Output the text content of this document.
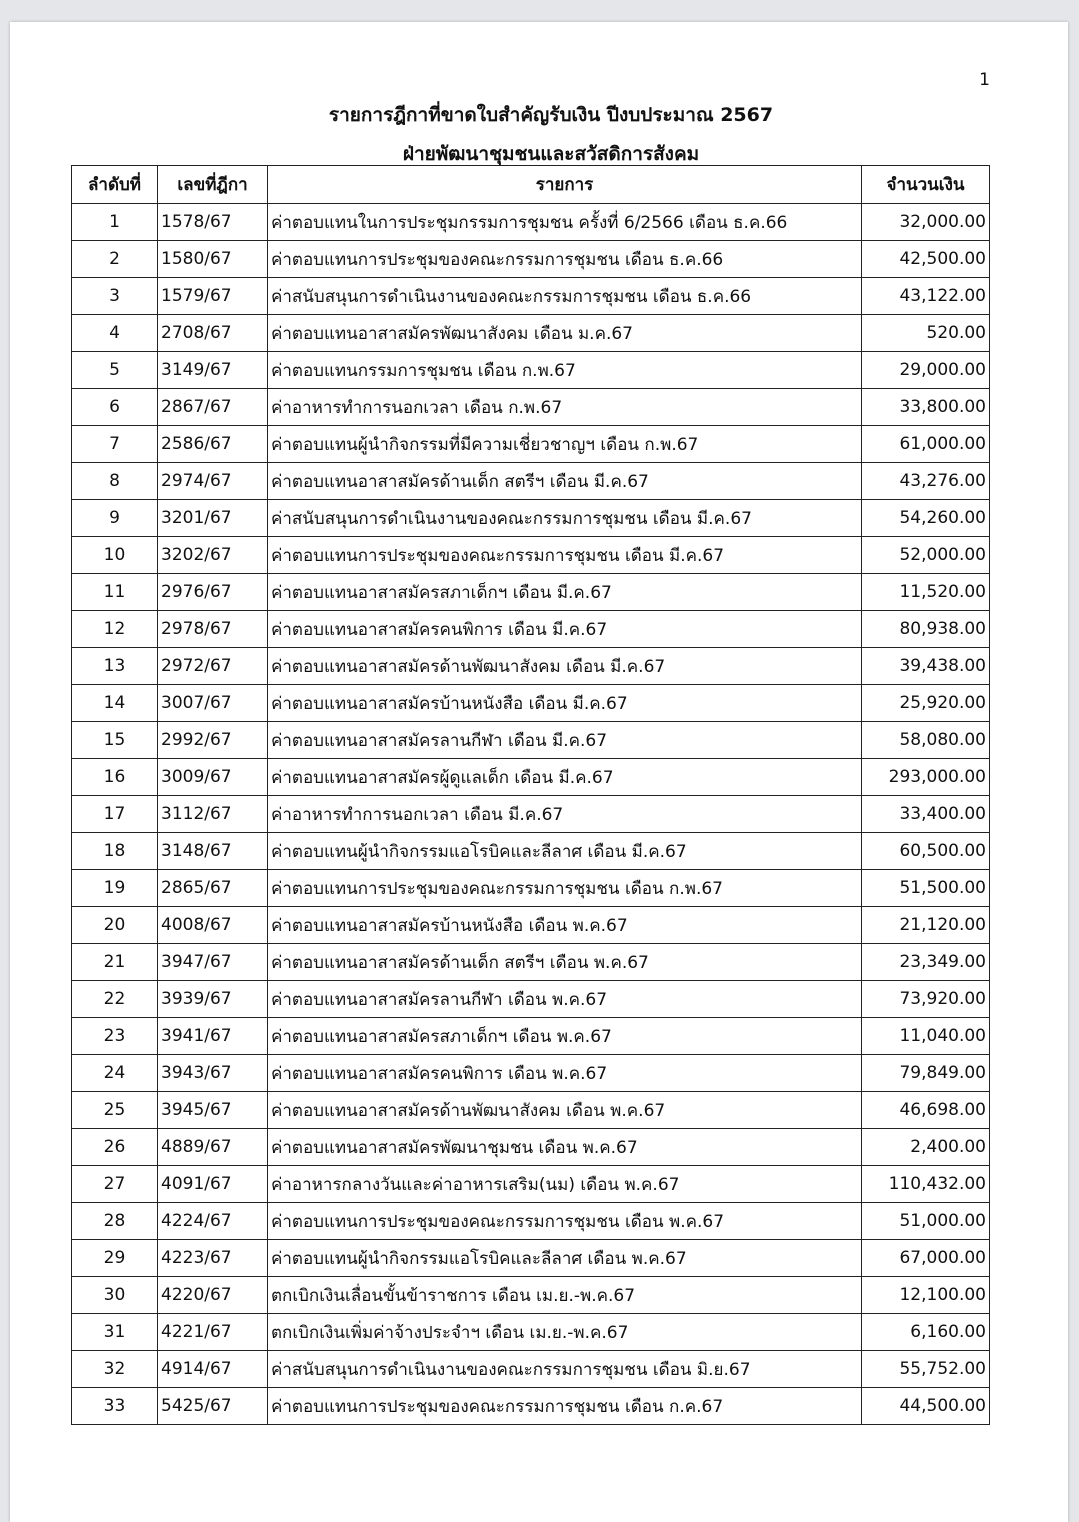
1
รายการฎีกาที่ขาดใบสำคัญรับเงิน ปีงบประมาณ 2567
ฝ่ายพัฒนาชุมชนและสวัสดิการสังคม
ลำดับที่	เลขที่ฎีกา	รายการ	จำนวนเงิน
1	1578/67	ค่าตอบแทนในการประชุมกรรมการชุมชน ครั้งที่ 6/2566 เดือน ธ.ค.66	32,000.00
2	1580/67	ค่าตอบแทนการประชุมของคณะกรรมการชุมชน เดือน ธ.ค.66	42,500.00
3	1579/67	ค่าสนับสนุนการดำเนินงานของคณะกรรมการชุมชน เดือน ธ.ค.66	43,122.00
4	2708/67	ค่าตอบแทนอาสาสมัครพัฒนาสังคม เดือน ม.ค.67	520.00
5	3149/67	ค่าตอบแทนกรรมการชุมชน เดือน ก.พ.67	29,000.00
6	2867/67	ค่าอาหารทำการนอกเวลา เดือน ก.พ.67	33,800.00
7	2586/67	ค่าตอบแทนผู้นำกิจกรรมที่มีความเชี่ยวชาญฯ เดือน ก.พ.67	61,000.00
8	2974/67	ค่าตอบแทนอาสาสมัครด้านเด็ก สตรีฯ เดือน มี.ค.67	43,276.00
9	3201/67	ค่าสนับสนุนการดำเนินงานของคณะกรรมการชุมชน เดือน มี.ค.67	54,260.00
10	3202/67	ค่าตอบแทนการประชุมของคณะกรรมการชุมชน เดือน มี.ค.67	52,000.00
11	2976/67	ค่าตอบแทนอาสาสมัครสภาเด็กฯ เดือน มี.ค.67	11,520.00
12	2978/67	ค่าตอบแทนอาสาสมัครคนพิการ เดือน มี.ค.67	80,938.00
13	2972/67	ค่าตอบแทนอาสาสมัครด้านพัฒนาสังคม เดือน มี.ค.67	39,438.00
14	3007/67	ค่าตอบแทนอาสาสมัครบ้านหนังสือ เดือน มี.ค.67	25,920.00
15	2992/67	ค่าตอบแทนอาสาสมัครลานกีฬา เดือน มี.ค.67	58,080.00
16	3009/67	ค่าตอบแทนอาสาสมัครผู้ดูแลเด็ก เดือน มี.ค.67	293,000.00
17	3112/67	ค่าอาหารทำการนอกเวลา เดือน มี.ค.67	33,400.00
18	3148/67	ค่าตอบแทนผู้นำกิจกรรมแอโรบิคและลีลาศ เดือน มี.ค.67	60,500.00
19	2865/67	ค่าตอบแทนการประชุมของคณะกรรมการชุมชน เดือน ก.พ.67	51,500.00
20	4008/67	ค่าตอบแทนอาสาสมัครบ้านหนังสือ เดือน พ.ค.67	21,120.00
21	3947/67	ค่าตอบแทนอาสาสมัครด้านเด็ก สตรีฯ เดือน พ.ค.67	23,349.00
22	3939/67	ค่าตอบแทนอาสาสมัครลานกีฬา เดือน พ.ค.67	73,920.00
23	3941/67	ค่าตอบแทนอาสาสมัครสภาเด็กฯ เดือน พ.ค.67	11,040.00
24	3943/67	ค่าตอบแทนอาสาสมัครคนพิการ เดือน พ.ค.67	79,849.00
25	3945/67	ค่าตอบแทนอาสาสมัครด้านพัฒนาสังคม เดือน พ.ค.67	46,698.00
26	4889/67	ค่าตอบแทนอาสาสมัครพัฒนาชุมชน เดือน พ.ค.67	2,400.00
27	4091/67	ค่าอาหารกลางวันและค่าอาหารเสริม(นม) เดือน พ.ค.67	110,432.00
28	4224/67	ค่าตอบแทนการประชุมของคณะกรรมการชุมชน เดือน พ.ค.67	51,000.00
29	4223/67	ค่าตอบแทนผู้นำกิจกรรมแอโรบิคและลีลาศ เดือน พ.ค.67	67,000.00
30	4220/67	ตกเบิกเงินเลื่อนขั้นข้าราชการ เดือน เม.ย.-พ.ค.67	12,100.00
31	4221/67	ตกเบิกเงินเพิ่มค่าจ้างประจำฯ เดือน เม.ย.-พ.ค.67	6,160.00
32	4914/67	ค่าสนับสนุนการดำเนินงานของคณะกรรมการชุมชน เดือน มิ.ย.67	55,752.00
33	5425/67	ค่าตอบแทนการประชุมของคณะกรรมการชุมชน เดือน ก.ค.67	44,500.00
